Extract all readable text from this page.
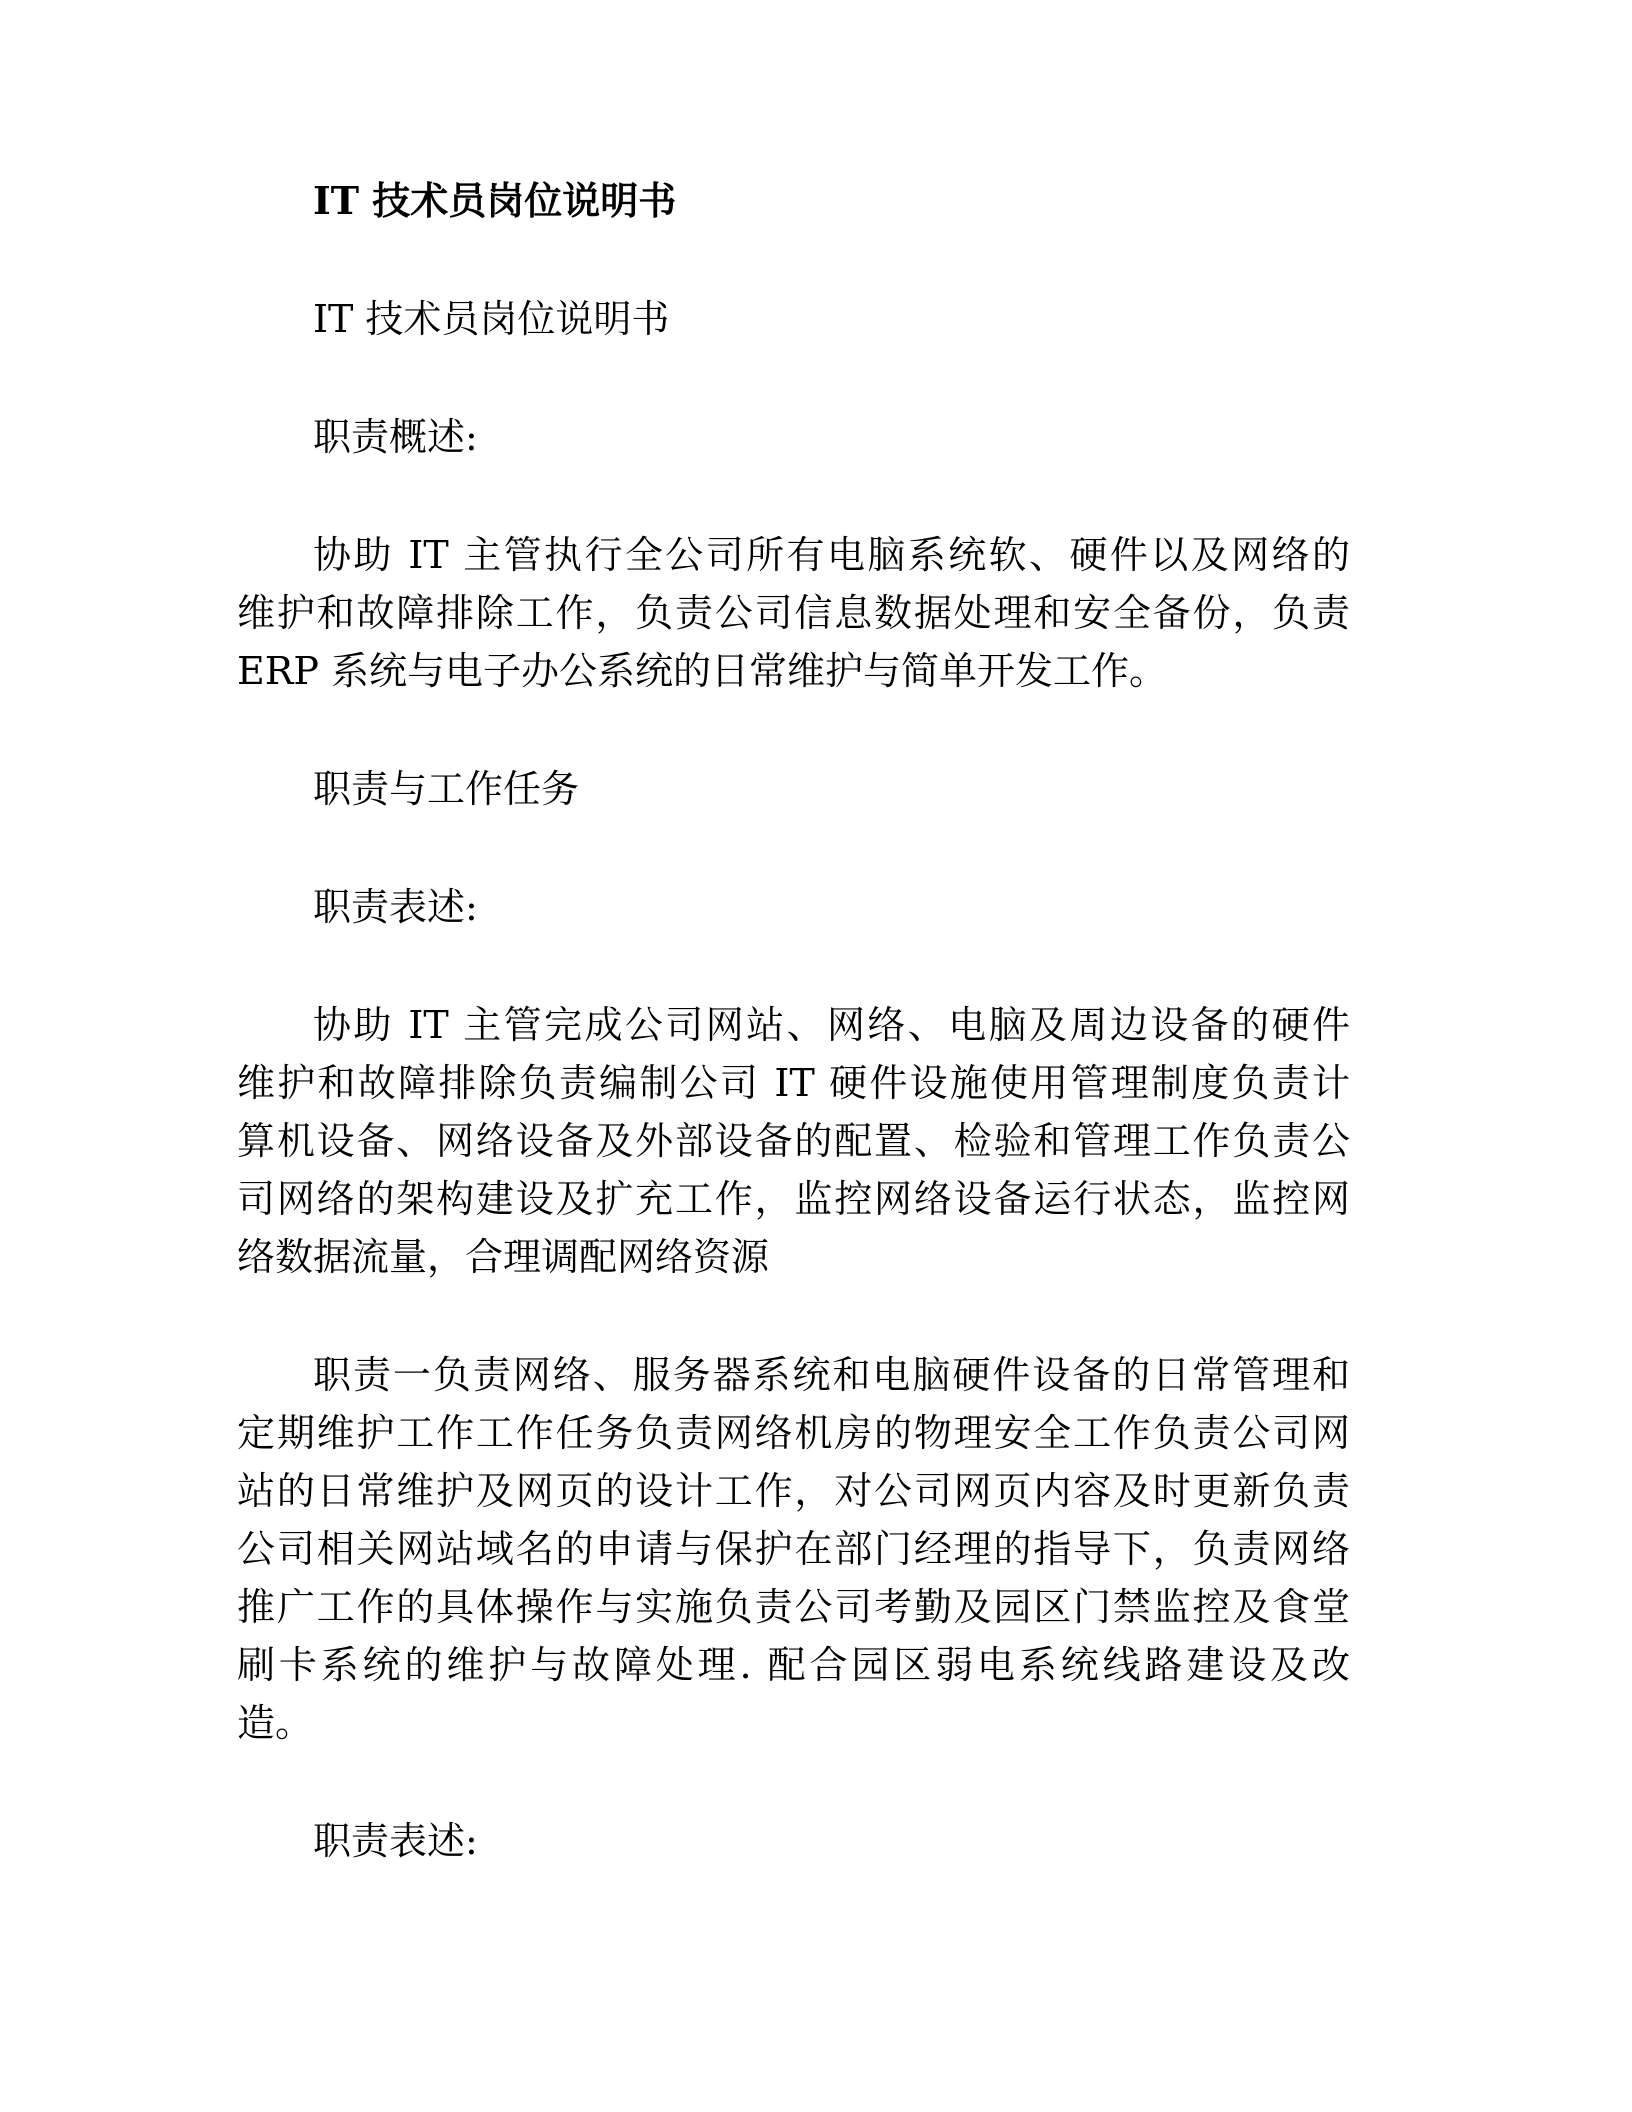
IT 技术员岗位说明书
IT 技术员岗位说明书
职责概述:
协助 IT 主管执行全公司所有电脑系统软、硬件以及网络的
维护和故障排除工作，负责公司信息数据处理和安全备份，负责
ERP 系统与电子办公系统的日常维护与简单开发工作。
职责与工作任务
职责表述:
协助 IT 主管完成公司网站、网络、电脑及周边设备的硬件
维护和故障排除负责编制公司 IT 硬件设施使用管理制度负责计
算机设备、网络设备及外部设备的配置、检验和管理工作负责公
司网络的架构建设及扩充工作，监控网络设备运行状态，监控网
络数据流量，合理调配网络资源
职责一负责网络、服务器系统和电脑硬件设备的日常管理和
定期维护工作工作任务负责网络机房的物理安全工作负责公司网
站的日常维护及网页的设计工作，对公司网页内容及时更新负责
公司相关网站域名的申请与保护在部门经理的指导下，负责网络
推广工作的具体操作与实施负责公司考勤及园区门禁监控及食堂
刷卡系统的维护与故障处理. 配合园区弱电系统线路建设及改
造。
职责表述:
